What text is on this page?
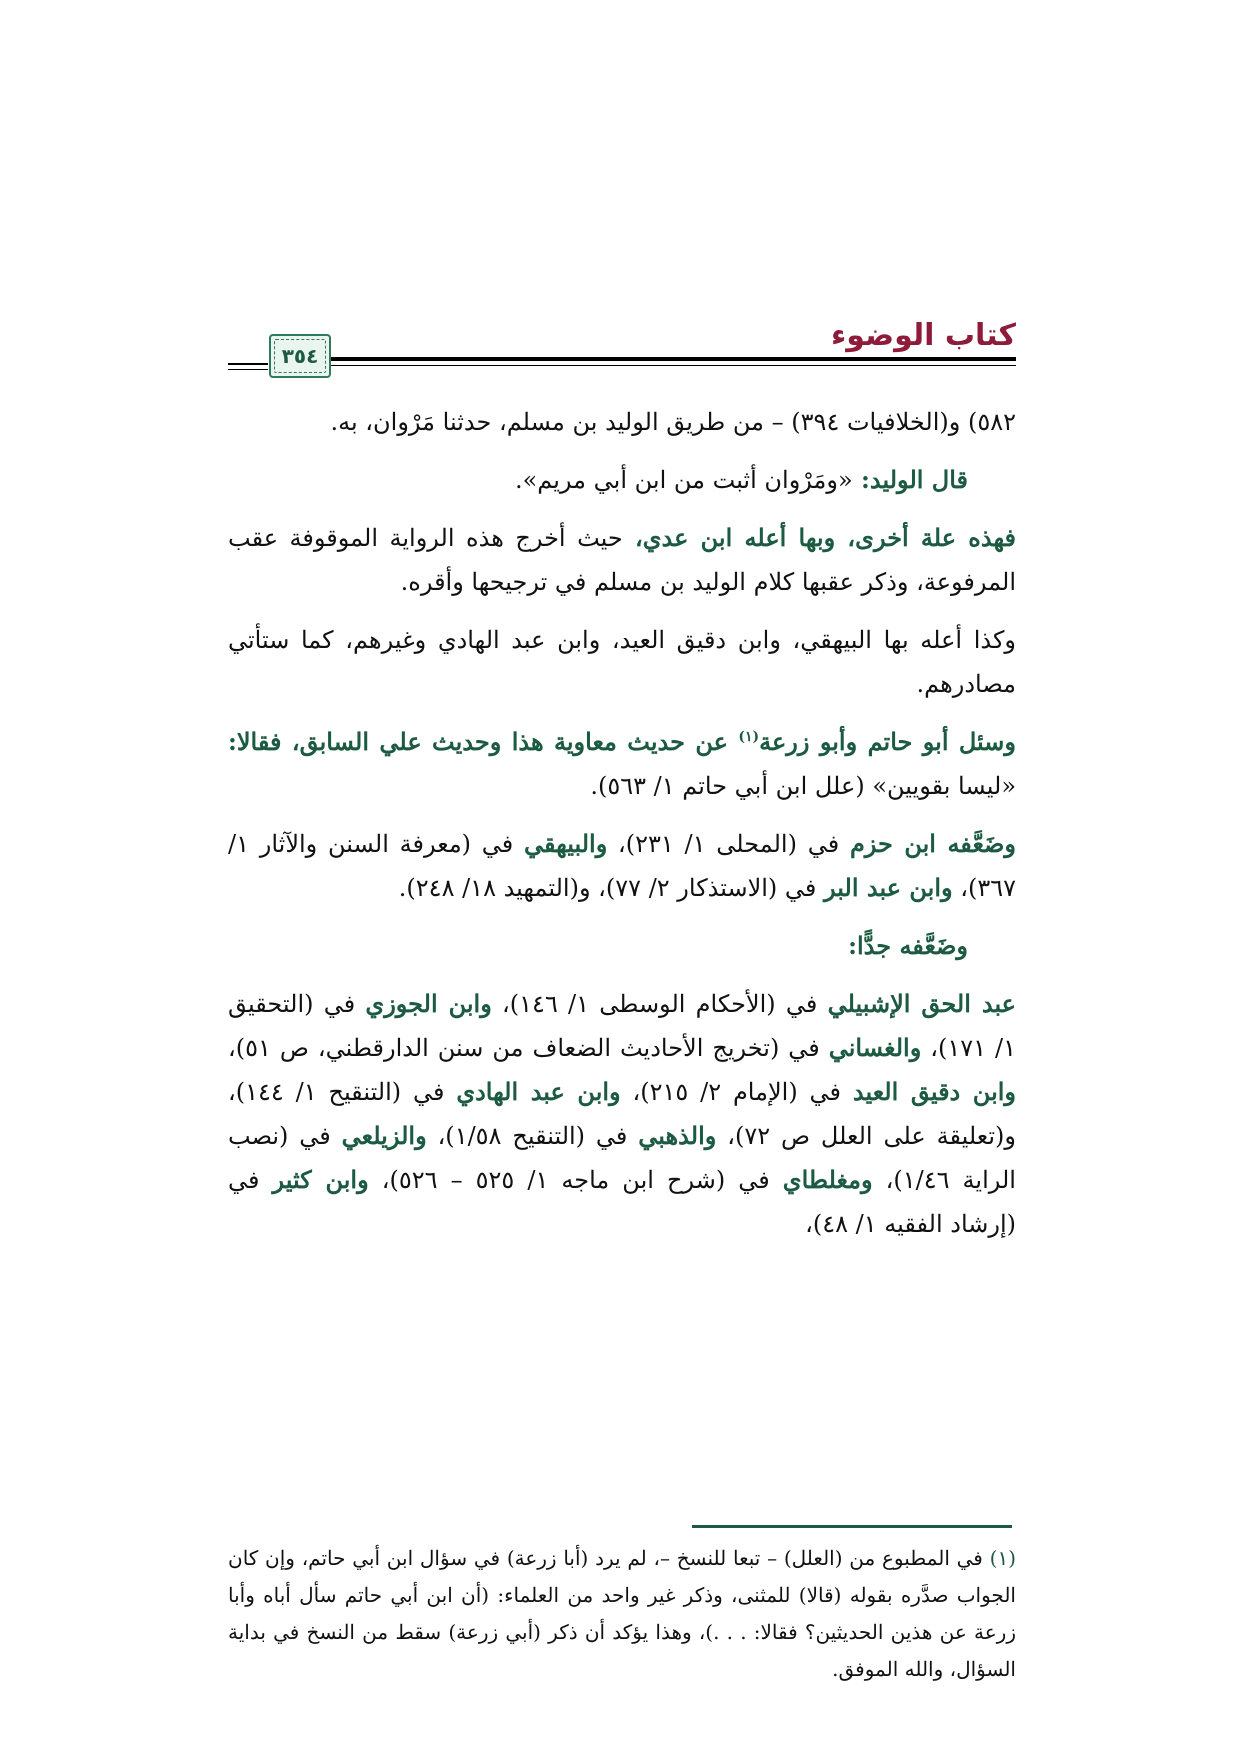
كتاب الوضوء
٣٥٤

٥٨٢) و(الخلافيات ٣٩٤) – من طريق الوليد بن مسلم، حدثنا مَرْوان، به.

قال الوليد: «ومَرْوان أثبت من ابن أبي مريم».

فهذه علة أخرى، وبها أعله ابن عدي، حيث أخرج هذه الرواية الموقوفة عقب المرفوعة، وذكر عقبها كلام الوليد بن مسلم في ترجيحها وأقره.

وكذا أعله بها البيهقي، وابن دقيق العيد، وابن عبد الهادي وغيرهم، كما ستأتي مصادرهم.

وسئل أبو حاتم وأبو زرعة$^{(١)}$ عن حديث معاوية هذا وحديث علي السابق، فقالا: «ليسا بقويين» (علل ابن أبي حاتم ١/ ٥٦٣).

وضَعَّفه ابن حزم في (المحلى ١/ ٢٣١)، والبيهقي في (معرفة السنن والآثار ١/ ٣٦٧)، وابن عبد البر في (الاستذكار ٢/ ٧٧)، و(التمهيد ١٨/ ٢٤٨).

وضَعَّفه جدًّا:

عبد الحق الإشبيلي في (الأحكام الوسطى ١/ ١٤٦)، وابن الجوزي في (التحقيق ١/ ١٧١)، والغساني في (تخريج الأحاديث الضعاف من سنن الدارقطني، ص ٥١)، وابن دقيق العيد في (الإمام ٢/ ٢١٥)، وابن عبد الهادي في (التنقيح ١/ ١٤٤)، و(تعليقة على العلل ص ٧٢)، والذهبي في (التنقيح ١/٥٨)، والزيلعي في (نصب الراية ١/٤٦)، ومغلطاي في (شرح ابن ماجه ١/ ٥٢٥ – ٥٢٦)، وابن كثير في (إرشاد الفقيه ١/ ٤٨)،

(١) في المطبوع من (العلل) – تبعا للنسخ –، لم يرد (أبا زرعة) في سؤال ابن أبي حاتم، وإن كان الجواب صدَّره بقوله (قالا) للمثنى، وذكر غير واحد من العلماء: (أن ابن أبي حاتم سأل أباه وأبا زرعة عن هذين الحديثين؟ فقالا: . . .)، وهذا يؤكد أن ذكر (أبي زرعة) سقط من النسخ في بداية السؤال، والله الموفق.
